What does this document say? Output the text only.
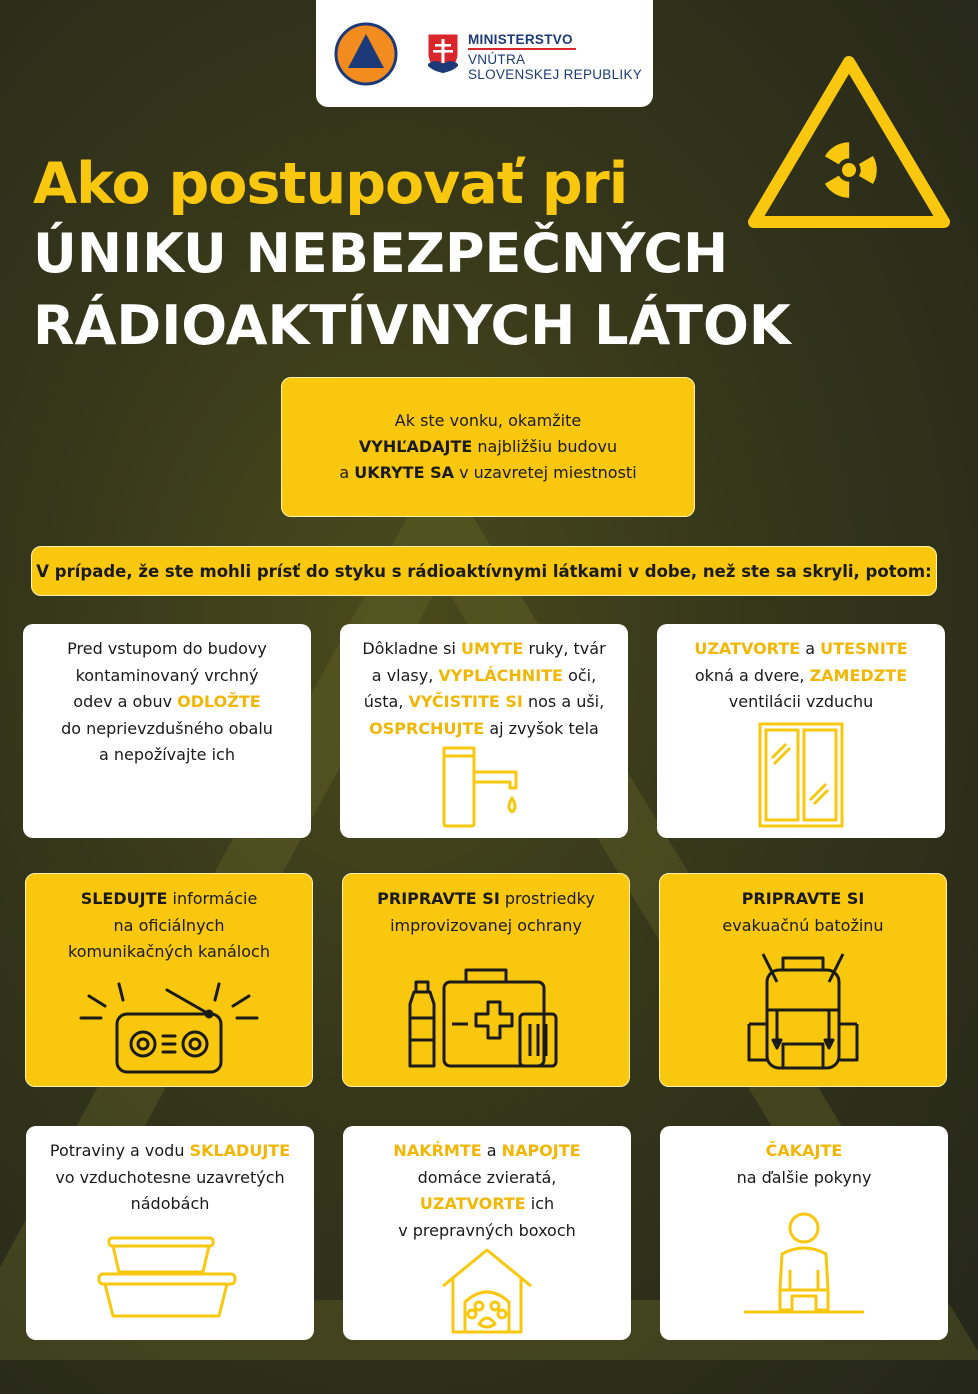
MINISTERSTVO
VNÚTRA
SLOVENSKEJ REPUBLIKY
Ako postupovať pri
ÚNIKU NEBEZPEČNÝCH
RÁDIOAKTÍVNYCH LÁTOK
Ak ste vonku, okamžite
VYHĽADAJTE najbližšiu budovu
a UKRYTE SA v uzavretej miestnosti
V prípade, že ste mohli prísť do styku s rádioaktívnymi látkami v dobe, než ste sa skryli, potom:
Pred vstupom do budovy
kontaminovaný vrchný
odev a obuv ODLOŽTE
do neprievzdušného obalu
a nepožívajte ich
Dôkladne si UMYTE ruky, tvár
a vlasy, VYPLÁCHNITE oči,
ústa, VYČISTITE SI nos a uši,
OSPRCHUJTE aj zvyšok tela
UZATVORTE a UTESNITE
okná a dvere, ZAMEDZTE
ventilácii vzduchu
SLEDUJTE informácie
na oficiálnych
komunikačných kanáloch
PRIPRAVTE SI prostriedky
improvizovanej ochrany
PRIPRAVTE SI
evakuačnú batožinu
Potraviny a vodu SKLADUJTE
vo vzduchotesne uzavretých
nádobách
NAKŔMTE a NAPOJTE
domáce zvieratá,
UZATVORTE ich
v prepravných boxoch
ČAKAJTE
na ďalšie pokyny
